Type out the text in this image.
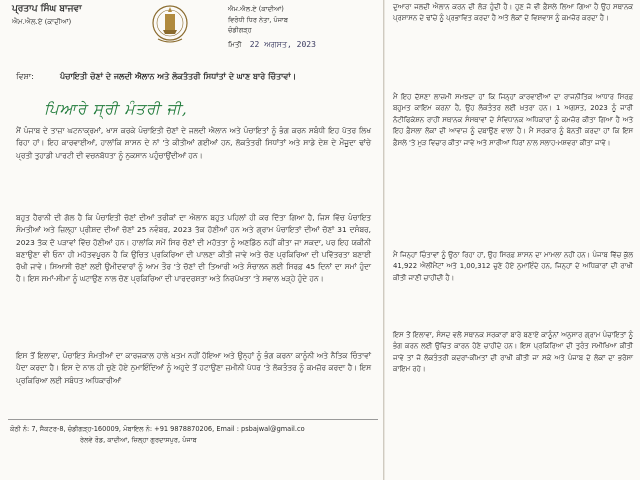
ਪ੍ਰਤਾਪ ਸਿੰਘ ਬਾਜਵਾ
ਐਮ.ਐਲ.ਏ (ਕਾਦੀਆਂ)
ਐਮ.ਐਲ.ਏ (ਕਾਦੀਆਂ)
ਵਿਰੋਧੀ ਧਿਰ ਨੇਤਾ, ਪੰਜਾਬ
ਚੰਡੀਗੜ੍ਹ
ਮਿਤੀ 22 ਅਗਸਤ, 2023
ਵਿਸ਼ਾ:	ਪੰਚਾਇਤੀ ਚੋਣਾਂ ਦੇ ਜਲਦੀ ਐਲਾਨ ਅਤੇ ਲੋਕਤੰਤਰੀ ਸਿਧਾਂਤਾਂ ਦੇ ਘਾਣ ਬਾਰੇ ਚਿੰਤਾਵਾਂ।
ਪਿਆਰੇ ਸ੍ਰੀ ਮੰਤਰੀ ਜੀ,
ਮੈਂ ਪੰਜਾਬ ਦੇ ਤਾਜ਼ਾ ਘਟਨਾਕ੍ਰਮਾਂ, ਖਾਸ ਕਰਕੇ ਪੰਚਾਇਤੀ ਚੋਣਾਂ ਦੇ ਜਲਦੀ ਐਲਾਨ ਅਤੇ ਪੰਚਾਇਤਾਂ ਨੂੰ ਭੰਗ ਕਰਨ ਸਬੰਧੀ ਇਹ ਪੱਤਰ ਲਿਖ ਰਿਹਾ ਹਾਂ। ਇਹ ਕਾਰਵਾਈਆਂ, ਹਾਲਾਂਕਿ ਸ਼ਾਸਨ ਦੇ ਨਾਂ 'ਤੇ ਕੀਤੀਆਂ ਗਈਆਂ ਹਨ, ਲੋਕਤੰਤਰੀ ਸਿਧਾਂਤਾਂ ਅਤੇ ਸਾਡੇ ਦੇਸ਼ ਦੇ ਮੌਜੂਦਾ ਢਾਂਚੇ ਪ੍ਰਤੀ ਤੁਹਾਡੀ ਪਾਰਟੀ ਦੀ ਵਚਨਬੱਧਤਾ ਨੂੰ ਨੁਕਸਾਨ ਪਹੁੰਚਾਉਂਦੀਆਂ ਹਨ।
ਬਹੁਤ ਹੈਰਾਨੀ ਦੀ ਗੱਲ ਹੈ ਕਿ ਪੰਚਾਇਤੀ ਚੋਣਾਂ ਦੀਆਂ ਤਰੀਕਾਂ ਦਾ ਐਲਾਨ ਬਹੁਤ ਪਹਿਲਾਂ ਹੀ ਕਰ ਦਿੱਤਾ ਗਿਆ ਹੈ, ਜਿਸ ਵਿੱਚ ਪੰਚਾਇਤ ਸੰਮਤੀਆਂ ਅਤੇ ਜ਼ਿਲ੍ਹਾ ਪ੍ਰੀਸ਼ਦ ਦੀਆਂ ਚੋਣਾਂ 25 ਨਵੰਬਰ, 2023 ਤੱਕ ਹੋਣੀਆਂ ਹਨ ਅਤੇ ਗ੍ਰਾਮ ਪੰਚਾਇਤਾਂ ਦੀਆਂ ਚੋਣਾਂ 31 ਦਸੰਬਰ, 2023 ਤੱਕ ਦੋ ਪੜਾਵਾਂ ਵਿੱਚ ਹੋਣੀਆਂ ਹਨ। ਹਾਲਾਂਕਿ ਸਮੇਂ ਸਿਰ ਚੋਣਾਂ ਦੀ ਮਹੱਤਤਾ ਨੂੰ ਅਣਡਿੱਠ ਨਹੀਂ ਕੀਤਾ ਜਾ ਸਕਦਾ, ਪਰ ਇਹ ਯਕੀਨੀ ਬਣਾਉਣਾ ਵੀ ਓਨਾ ਹੀ ਮਹੱਤਵਪੂਰਨ ਹੈ ਕਿ ਉਚਿਤ ਪ੍ਰਕਿਰਿਆ ਦੀ ਪਾਲਣਾ ਕੀਤੀ ਜਾਵੇ ਅਤੇ ਚੋਣ ਪ੍ਰਕਿਰਿਆ ਦੀ ਪਵਿੱਤਰਤਾ ਬਣਾਈ ਰੱਖੀ ਜਾਵੇ। ਸਿਆਸੀ ਚੋਣਾਂ ਲਈ ਉਮੀਦਵਾਰਾਂ ਨੂੰ ਆਮ ਤੌਰ 'ਤੇ ਚੋਣਾਂ ਦੀ ਤਿਆਰੀ ਅਤੇ ਸੰਚਾਲਨ ਲਈ ਸਿਰਫ਼ 45 ਦਿਨਾਂ ਦਾ ਸਮਾਂ ਹੁੰਦਾ ਹੈ। ਇਸ ਸਮਾਂ-ਸੀਮਾ ਨੂੰ ਘਟਾਉਣ ਨਾਲ ਚੋਣ ਪ੍ਰਕਿਰਿਆ ਦੀ ਪਾਰਦਰਸ਼ਤਾ ਅਤੇ ਨਿਰਪੱਖਤਾ 'ਤੇ ਸਵਾਲ ਖੜ੍ਹੇ ਹੁੰਦੇ ਹਨ।
ਇਸ ਤੋਂ ਇਲਾਵਾ, ਪੰਚਾਇਤ ਸੰਮਤੀਆਂ ਦਾ ਕਾਰਜਕਾਲ ਹਾਲੇ ਖ਼ਤਮ ਨਹੀਂ ਹੋਇਆ ਅਤੇ ਉਨ੍ਹਾਂ ਨੂੰ ਭੰਗ ਕਰਨਾ ਕਾਨੂੰਨੀ ਅਤੇ ਨੈਤਿਕ ਚਿੰਤਾਵਾਂ ਪੈਦਾ ਕਰਦਾ ਹੈ। ਇਸ ਦੇ ਨਾਲ ਹੀ ਚੁਣੇ ਹੋਏ ਨੁਮਾਇੰਦਿਆਂ ਨੂੰ ਅਹੁਦੇ ਤੋਂ ਹਟਾਉਣਾ ਜ਼ਮੀਨੀ ਪੱਧਰ 'ਤੇ ਲੋਕਤੰਤਰ ਨੂੰ ਕਮਜ਼ੋਰ ਕਰਦਾ ਹੈ। ਇਸ ਪ੍ਰਕਿਰਿਆ ਲਈ ਸਬੰਧਤ ਅਧਿਕਾਰੀਆਂ
ਕੋਠੀ ਨੰ: 7, ਸੈਕਟਰ-8, ਚੰਡੀਗੜ੍ਹ-160009, ਮੋਬਾਇਲ ਨੰ: +91 9878870206, Email : psbajwal@gmail.co
ਰੇਲਵੇ ਰੋਡ, ਕਾਦੀਆਂ, ਜ਼ਿਲ੍ਹਾ ਗੁਰਦਾਸਪੁਰ, ਪੰਜਾਬ
ਦੁਆਰਾ ਜਲਦੀ ਐਲਾਨ ਕਰਨ ਦੀ ਲੋੜ ਹੁੰਦੀ ਹੈ। ਹੁਣ ਜੋ ਵੀ ਫ਼ੈਸਲੇ ਲਿਆ ਗਿਆ ਹੈ ਉਹ ਸਥਾਨਕ ਪ੍ਰਸ਼ਾਸਨ ਦੇ ਢਾਂਚੇ ਨੂੰ ਪ੍ਰਭਾਵਿਤ ਕਰਦਾ ਹੈ ਅਤੇ ਲੋਕਾਂ ਦੇ ਵਿਸ਼ਵਾਸ ਨੂੰ ਕਮਜ਼ੋਰ ਕਰਦਾ ਹੈ।
ਮੈਂ ਇਹ ਦੱਸਣਾ ਲਾਜ਼ਮੀ ਸਮਝਦਾ ਹਾਂ ਕਿ ਜਿਨ੍ਹਾਂ ਕਾਰਵਾਈਆਂ ਦਾ ਰਾਜਨੀਤਿਕ ਆਧਾਰ ਸਿਰਫ਼ ਬਹੁਮਤ ਕਾਇਮ ਕਰਨਾ ਹੈ, ਉਹ ਲੋਕਤੰਤਰ ਲਈ ਖ਼ਤਰਾ ਹਨ। 1 ਅਗਸਤ, 2023 ਨੂੰ ਜਾਰੀ ਨੋਟੀਫਿਕੇਸ਼ਨ ਰਾਹੀਂ ਸਥਾਨਕ ਸੰਸਥਾਵਾਂ ਦੇ ਸੰਵਿਧਾਨਕ ਅਧਿਕਾਰਾਂ ਨੂੰ ਕਮਜ਼ੋਰ ਕੀਤਾ ਗਿਆ ਹੈ ਅਤੇ ਇਹ ਫ਼ੈਸਲਾ ਲੋਕਾਂ ਦੀ ਆਵਾਜ਼ ਨੂੰ ਦਬਾਉਣ ਵਾਲਾ ਹੈ। ਮੈਂ ਸਰਕਾਰ ਨੂੰ ਬੇਨਤੀ ਕਰਦਾ ਹਾਂ ਕਿ ਇਸ ਫ਼ੈਸਲੇ 'ਤੇ ਮੁੜ ਵਿਚਾਰ ਕੀਤਾ ਜਾਵੇ ਅਤੇ ਸਾਰੀਆਂ ਧਿਰਾਂ ਨਾਲ ਸਲਾਹ-ਮਸ਼ਵਰਾ ਕੀਤਾ ਜਾਵੇ।
ਮੈਂ ਜਿਨ੍ਹਾਂ ਚਿੰਤਾਵਾਂ ਨੂੰ ਉਠਾ ਰਿਹਾ ਹਾਂ, ਉਹ ਸਿਰਫ਼ ਸ਼ਾਸਨ ਦਾ ਮਾਮਲਾ ਨਹੀਂ ਹਨ। ਪੰਜਾਬ ਵਿੱਚ ਕੁੱਲ 41,922 ਐਲੀਮੈਂਟਾਂ ਅਤੇ 1,00,312 ਚੁਣੇ ਹੋਏ ਨੁਮਾਇੰਦੇ ਹਨ, ਜਿਨ੍ਹਾਂ ਦੇ ਅਧਿਕਾਰਾਂ ਦੀ ਰਾਖੀ ਕੀਤੀ ਜਾਣੀ ਚਾਹੀਦੀ ਹੈ।
ਇਸ ਤੋਂ ਇਲਾਵਾ, ਸੰਸਦ ਵਲੋਂ ਸਥਾਨਕ ਸਰਕਾਰਾਂ ਬਾਰੇ ਬਣਾਏ ਕਾਨੂੰਨਾਂ ਅਨੁਸਾਰ ਗ੍ਰਾਮ ਪੰਚਾਇਤਾਂ ਨੂੰ ਭੰਗ ਕਰਨ ਲਈ ਉਚਿਤ ਕਾਰਨ ਹੋਣੇ ਚਾਹੀਦੇ ਹਨ। ਇਸ ਪ੍ਰਕਿਰਿਆ ਦੀ ਤੁਰੰਤ ਸਮੀਖਿਆ ਕੀਤੀ ਜਾਵੇ ਤਾਂ ਜੋ ਲੋਕਤੰਤਰੀ ਕਦਰਾਂ-ਕੀਮਤਾਂ ਦੀ ਰਾਖੀ ਕੀਤੀ ਜਾ ਸਕੇ ਅਤੇ ਪੰਜਾਬ ਦੇ ਲੋਕਾਂ ਦਾ ਭਰੋਸਾ ਕਾਇਮ ਰਹੇ।
